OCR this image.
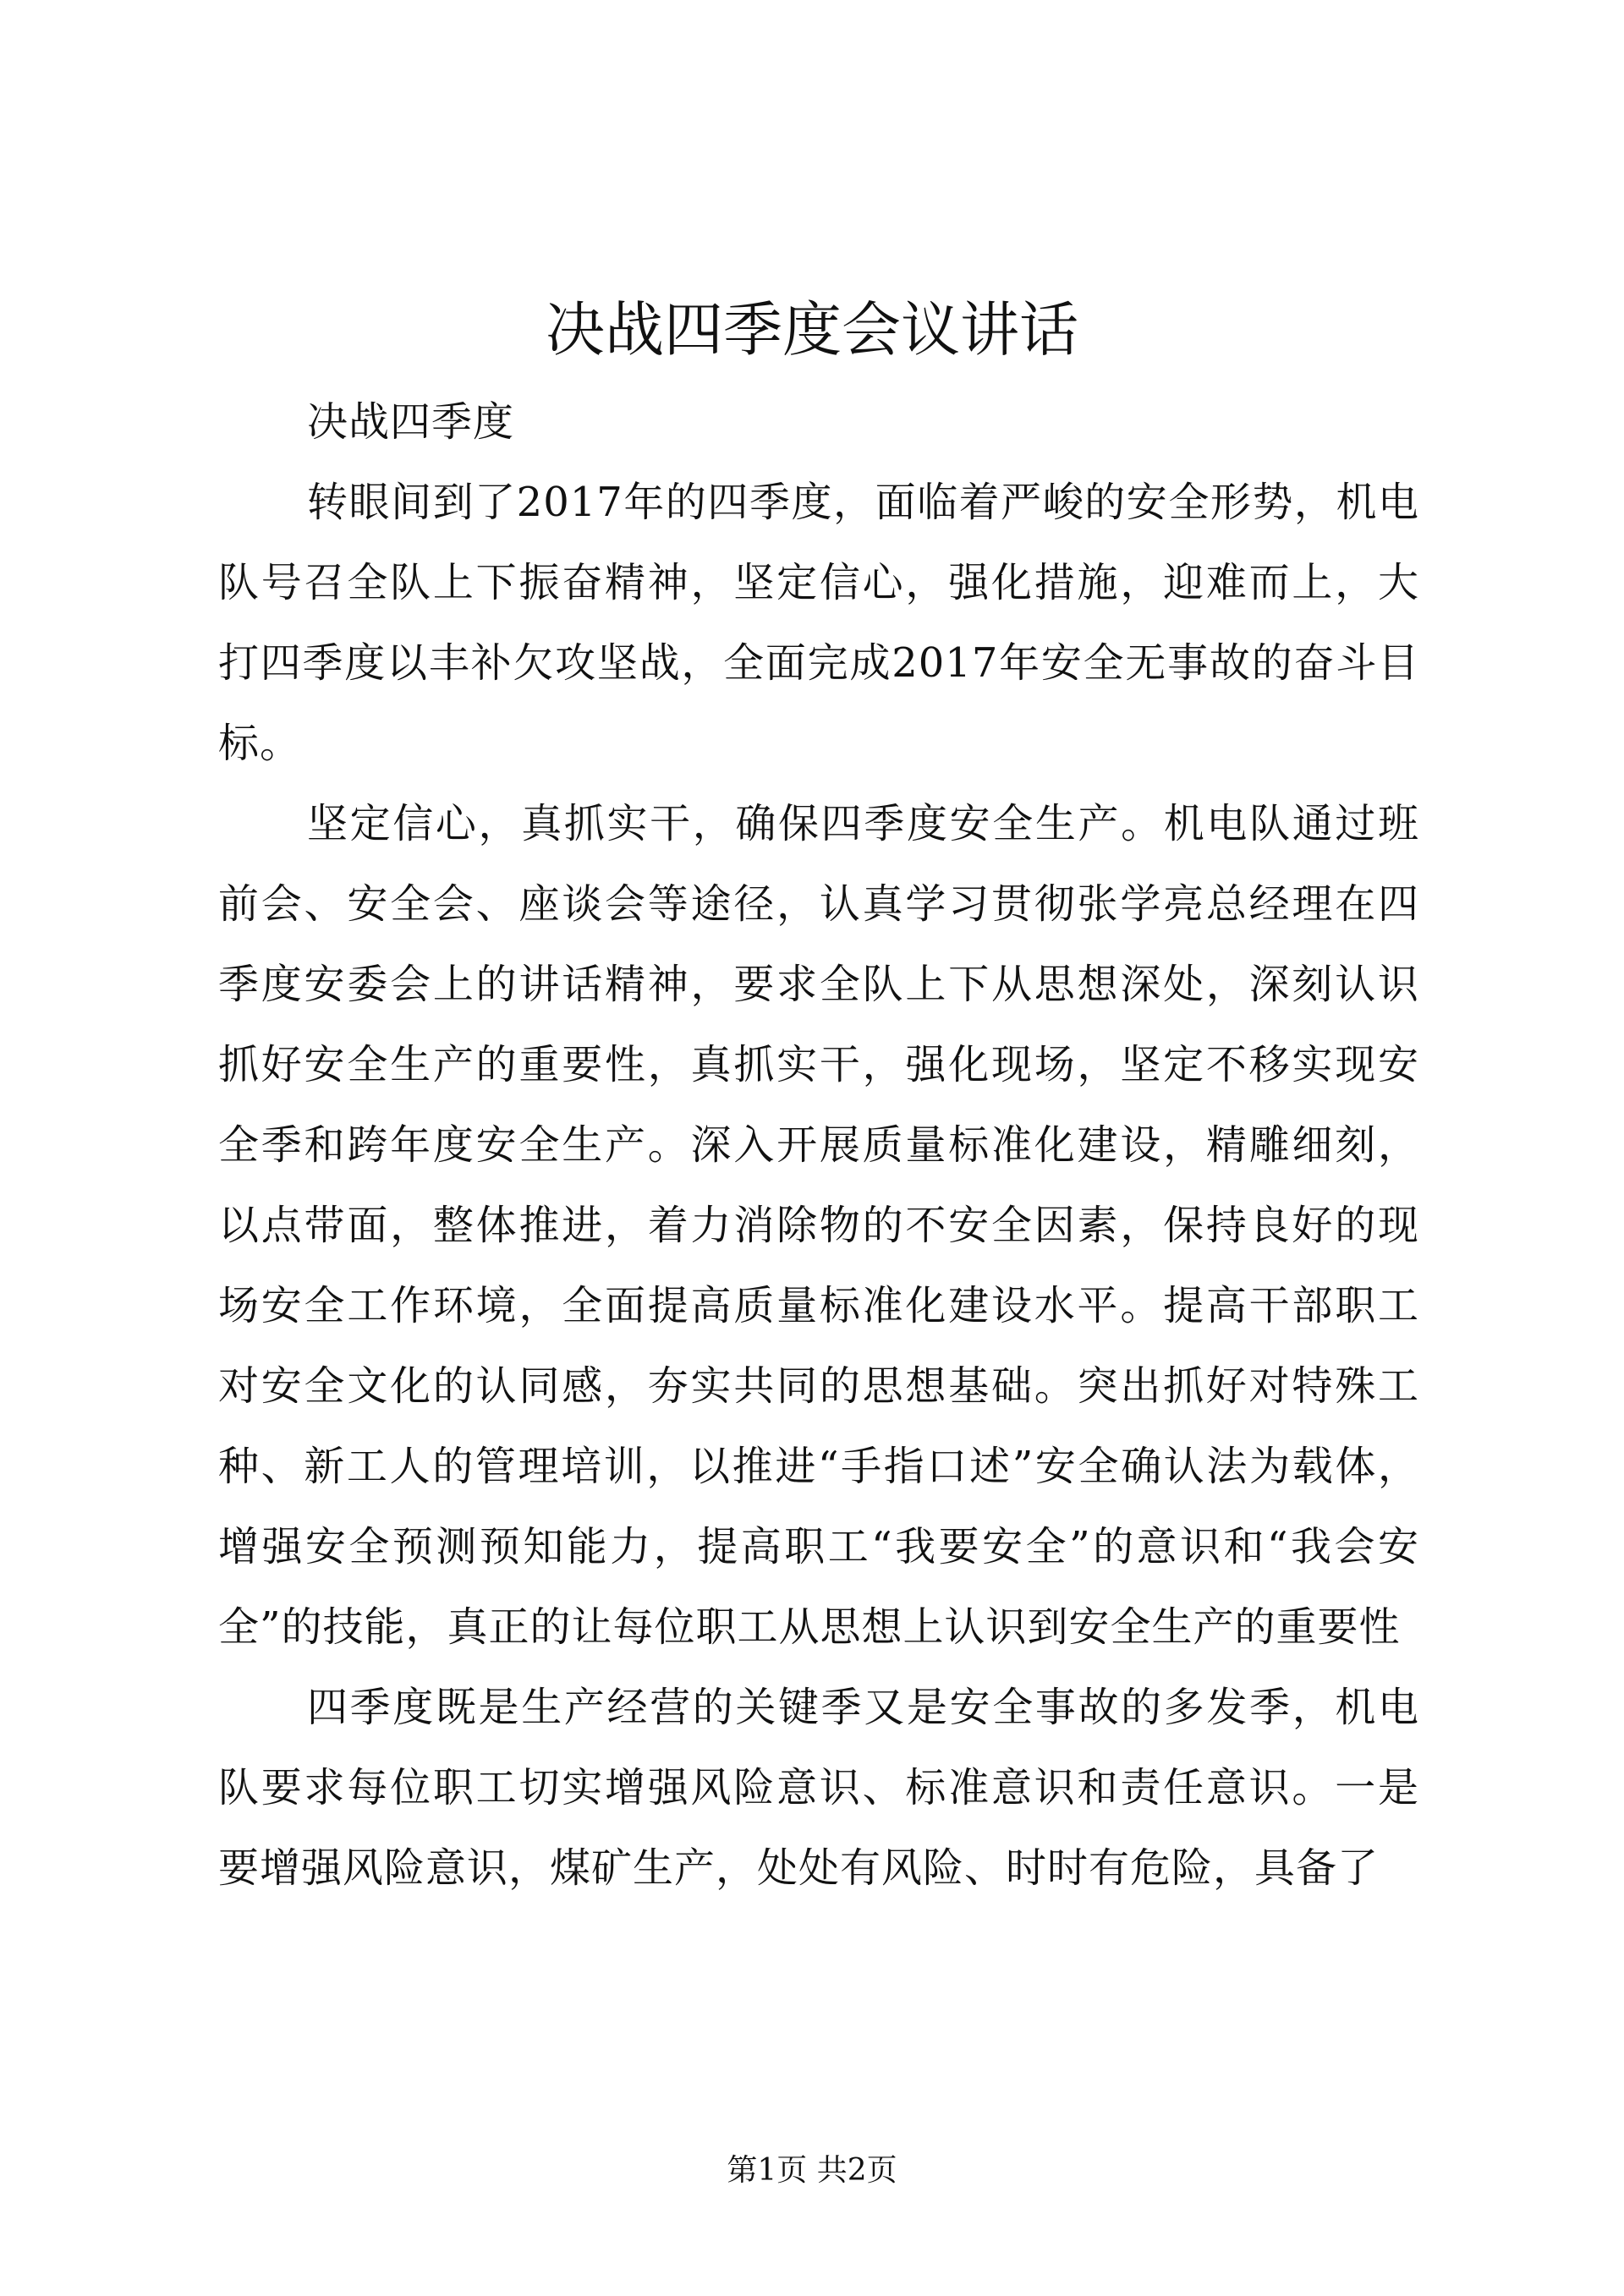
决战四季度会议讲话

决战四季度

转眼间到了2017年的四季度，面临着严峻的安全形势，机电队号召全队上下振奋精神，坚定信心，强化措施，迎难而上，大打四季度以丰补欠攻坚战，全面完成2017年安全无事故的奋斗目标。

坚定信心，真抓实干，确保四季度安全生产。机电队通过班前会、安全会、座谈会等途径，认真学习贯彻张学亮总经理在四季度安委会上的讲话精神，要求全队上下从思想深处，深刻认识抓好安全生产的重要性，真抓实干，强化现场，坚定不移实现安全季和跨年度安全生产。深入开展质量标准化建设，精雕细刻，以点带面，整体推进，着力消除物的不安全因素，保持良好的现场安全工作环境，全面提高质量标准化建设水平。提高干部职工对安全文化的认同感，夯实共同的思想基础。突出抓好对特殊工种、新工人的管理培训，以推进“手指口述”安全确认法为载体，增强安全预测预知能力，提高职工“我要安全”的意识和“我会安全”的技能，真正的让每位职工从思想上认识到安全生产的重要性

四季度既是生产经营的关键季又是安全事故的多发季，机电队要求每位职工切实增强风险意识、标准意识和责任意识。一是要增强风险意识，煤矿生产，处处有风险、时时有危险，具备了

第1页 共2页
